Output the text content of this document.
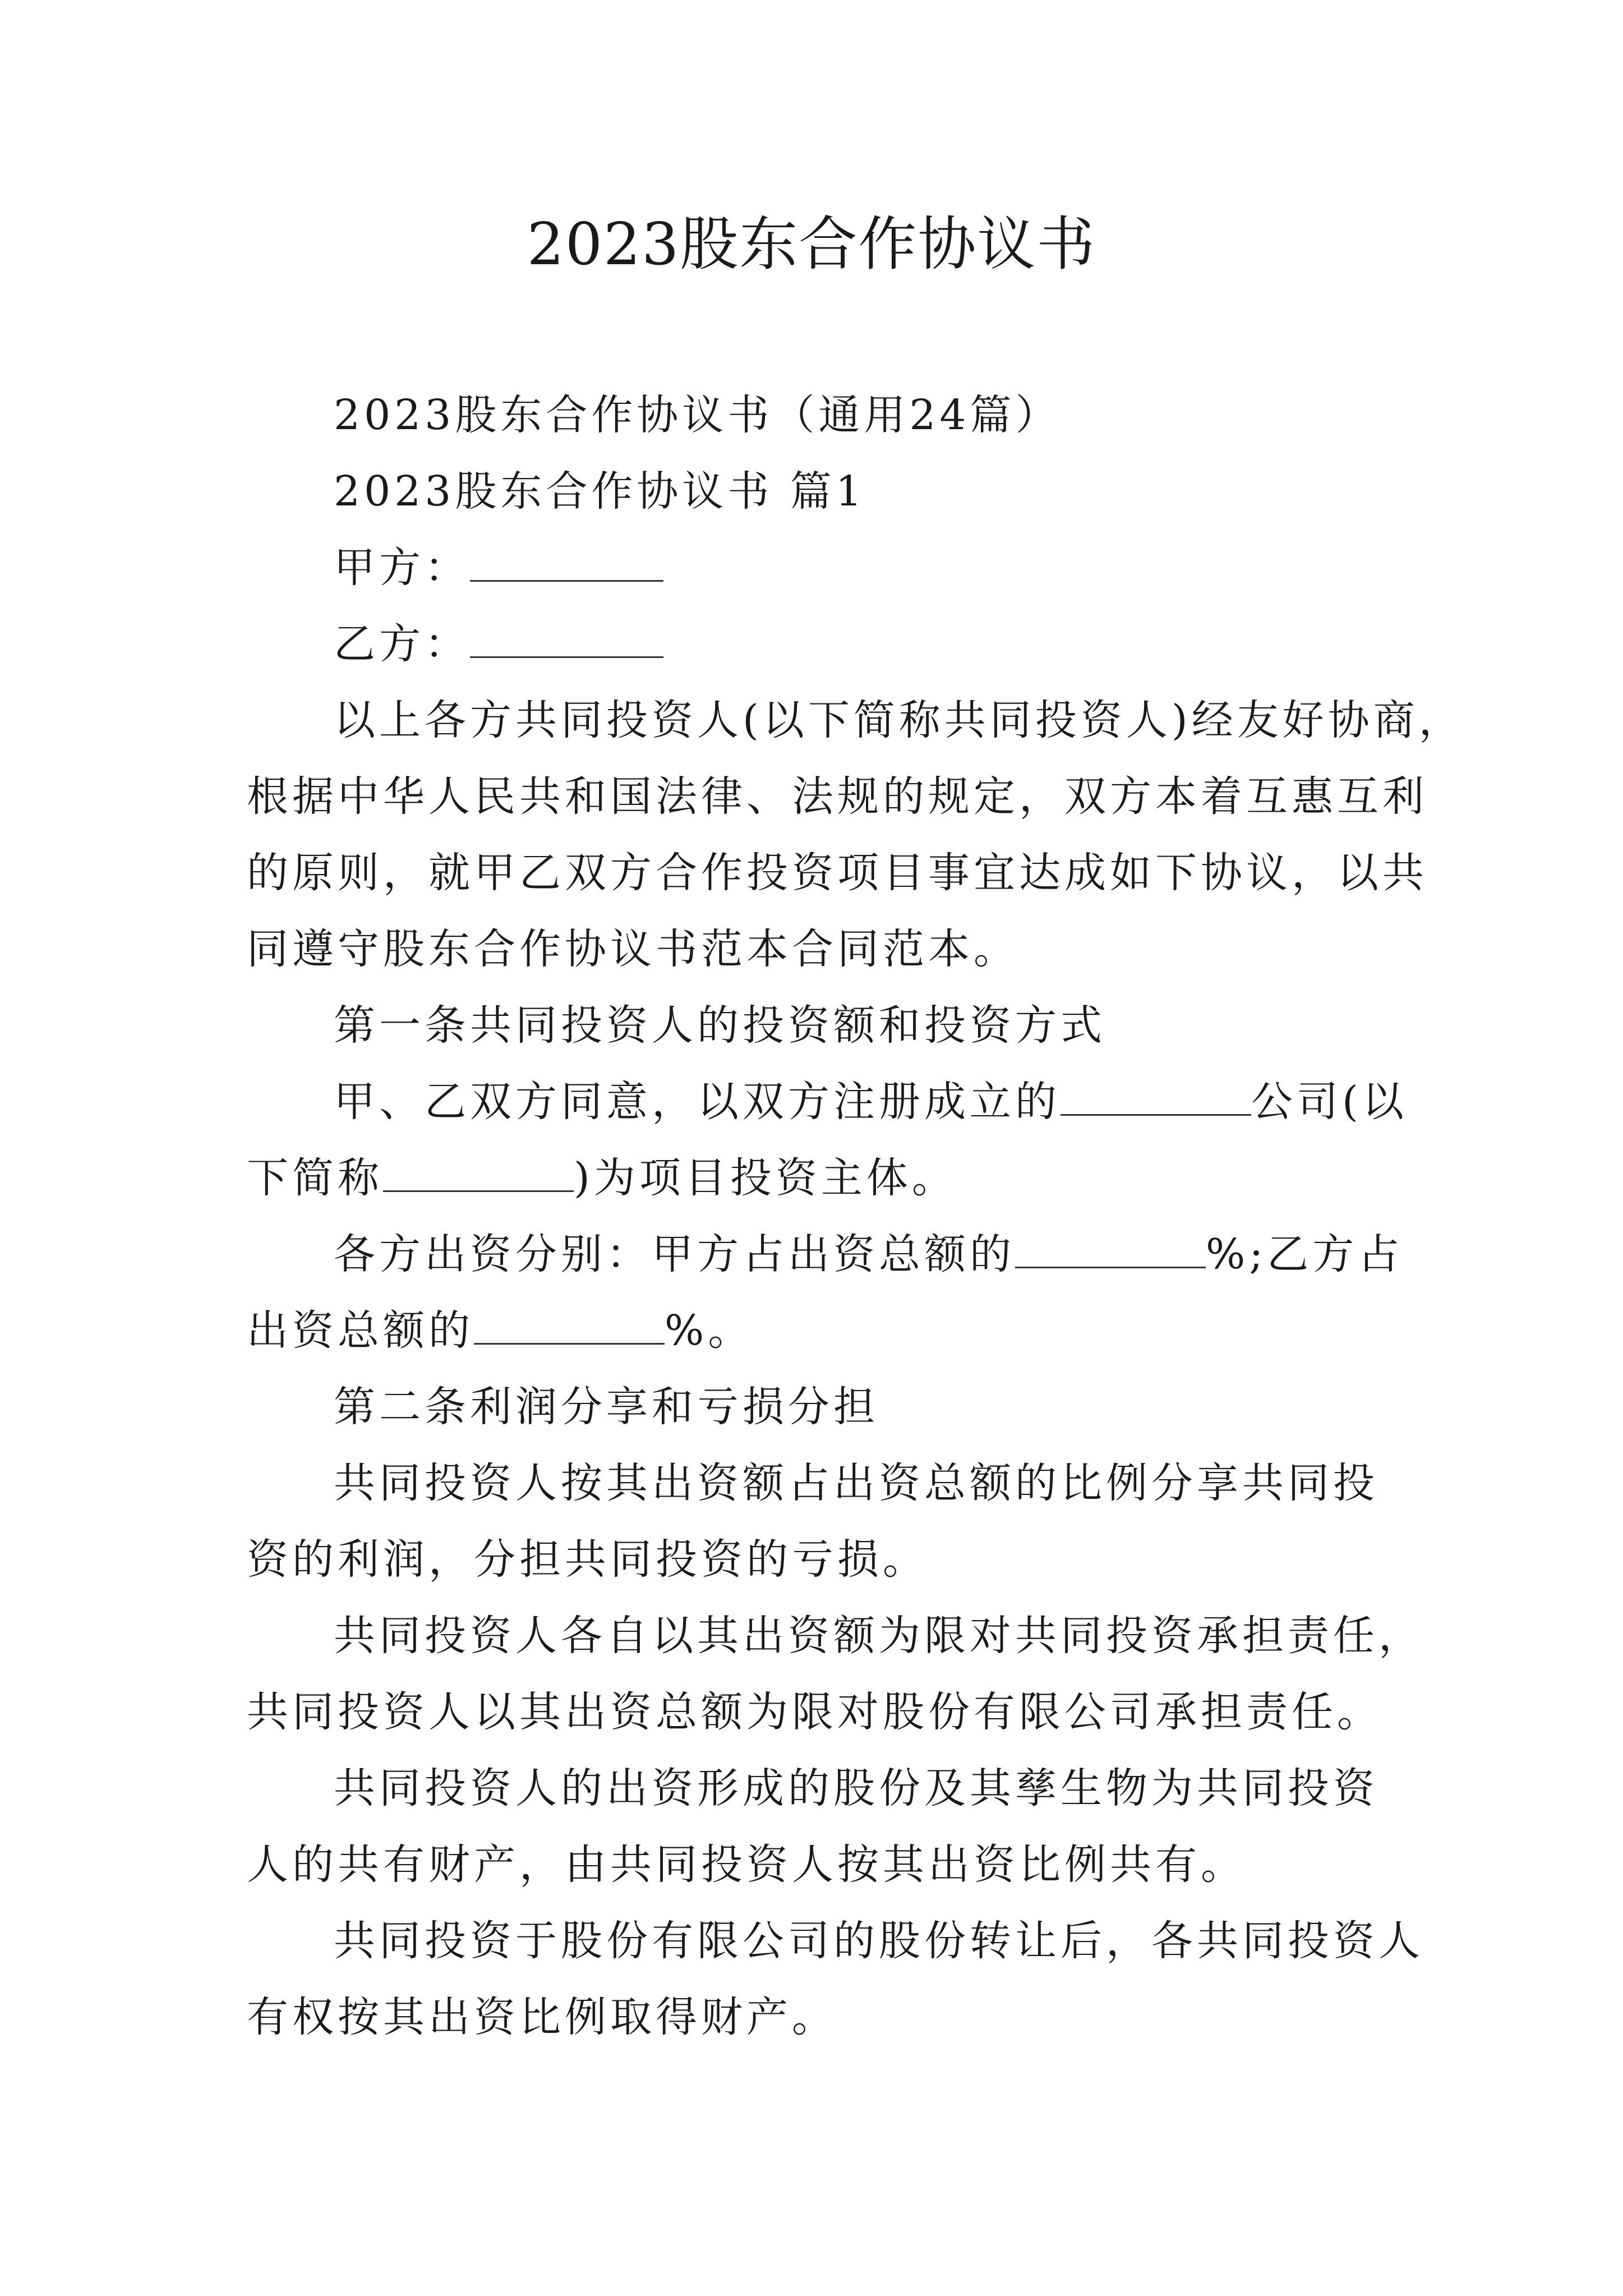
2023股东合作协议书
2023股东合作协议书（通用24篇）
2023股东合作协议书 篇1
甲方：
乙方：
以上各方共同投资人(以下简称共同投资人)经友好协商，
根据中华人民共和国法律、法规的规定，双方本着互惠互利
的原则，就甲乙双方合作投资项目事宜达成如下协议，以共
同遵守股东合作协议书范本合同范本。
第一条共同投资人的投资额和投资方式
甲、乙双方同意，以双方注册成立的	公司(以
下简称	)为项目投资主体。
各方出资分别：甲方占出资总额的	%;乙方占
出资总额的	%。
第二条利润分享和亏损分担
共同投资人按其出资额占出资总额的比例分享共同投
资的利润，分担共同投资的亏损。
共同投资人各自以其出资额为限对共同投资承担责任，
共同投资人以其出资总额为限对股份有限公司承担责任。
共同投资人的出资形成的股份及其孳生物为共同投资
人的共有财产，由共同投资人按其出资比例共有。
共同投资于股份有限公司的股份转让后，各共同投资人
有权按其出资比例取得财产。
